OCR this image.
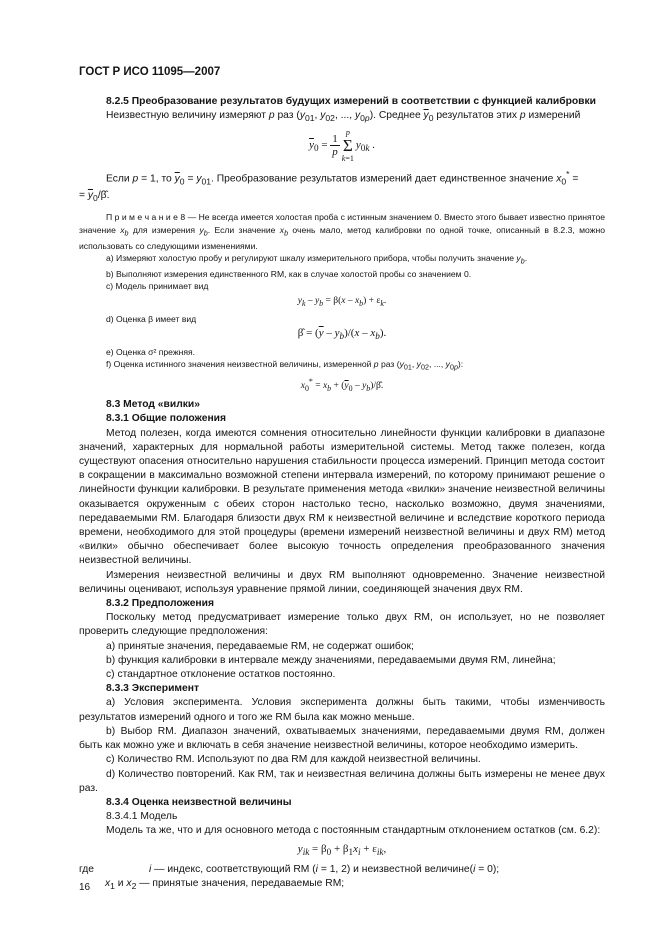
ГОСТ Р ИСО 11095—2007

8.2.5 Преобразование результатов будущих измерений в соответствии с функцией калибровки

Неизвестную величину измеряют p раз ($y_{01}$, $y_{02}$, ..., $y_{0p}$). Среднее $\overline{y}_0$ результатов этих p измерений

$\overline{y}_0 = \frac{1}{p}$
p
Σ
k=1
$y_{0k}$ .

Если p = 1, то $\overline{y}_0 = y_{01}$. Преобразование результатов измерений дает единственное значение $x_0^*$ =

= $\overline{y}_0/\betâ$.

П р и м е ч а н и е 8 — Не всегда имеется холостая проба с истинным значением 0. Вместо этого бывает известно принятое значение $x_b$ для измерения $y_b$. Если значение $x_b$ очень мало, метод калибровки по одной точке, описанный в 8.2.3, можно использовать со следующими изменениями.

a) Измеряют холостую пробу и регулируют шкалу измерительного прибора, чтобы получить значение $y_b$.

b) Выполняют измерения единственного RM, как в случае холостой пробы со значением 0.

c) Модель принимает вид

$y_k - y_b = \beta(x - x_b) + \varepsilon_k$.

d) Оценка β имеет вид

β̂ = $(\overline{y} - y_b)/(x - x_b)$.

e) Оценка σ² прежняя.

f) Оценка истинного значения неизвестной величины, измеренной p раз ($y_{01}$, $y_{02}$, ..., $y_{0p}$):

$x_0^* = x_b + (\overline{y}_0$ – $y_b)/\betâ$.

8.3 Метод «вилки»

8.3.1 Общие положения

Метод полезен, когда имеются сомнения относительно линейности функции калибровки в диапазоне значений, характерных для нормальной работы измерительной системы. Метод также полезен, когда существуют опасения относительно нарушения стабильности процесса измерений. Принцип метода состоит в сокращении в максимально возможной степени интервала измерений, по которому принимают решение о линейности функции калибровки. В результате применения метода «вилки» значение неизвестной величины оказывается окруженным с обеих сторон настолько тесно, насколько возможно, двумя значениями, передаваемыми RM. Благодаря близости двух RM к неизвестной величине и вследствие короткого периода времени, необходимого для этой процедуры (времени измерений неизвестной величины и двух RM) метод «вилки» обычно обеспечивает более высокую точность определения преобразованного значения неизвестной величины.

Измерения неизвестной величины и двух RM выполняют одновременно. Значение неизвестной величины оценивают, используя уравнение прямой линии, соединяющей значения двух RM.

8.3.2 Предположения

Поскольку метод предусматривает измерение только двух RM, он использует, но не позволяет проверить следующие предположения:

a) принятые значения, передаваемые RM, не содержат ошибок;

b) функция калибровки в интервале между значениями, передаваемыми двумя RM, линейна;

c) стандартное отклонение остатков постоянно.

8.3.3 Эксперимент

a) Условия эксперимента. Условия эксперимента должны быть такими, чтобы изменчивость результатов измерений одного и того же RM была как можно меньше.

b) Выбор RM. Диапазон значений, охватываемых значениями, передаваемыми двумя RM, должен быть как можно уже и включать в себя значение неизвестной величины, которое необходимо измерить.

c) Количество RM. Используют по два RM для каждой неизвестной величины.

d) Количество повторений. Как RM, так и неизвестная величина должны быть измерены не менее двух раз.

8.3.4 Оценка неизвестной величины

8.3.4.1 Модель

Модель та же, что и для основного метода с постоянным стандартным отклонением остатков (см. 6.2):

$y_{ik} = \beta_0 + \beta_1x_i + \varepsilon_{ik}$,
где	i — индекс, соответствующий RM (i = 1, 2) и неизвестной величине(i = 0);

$x_1$ и $x_2$ — принятые значения, передаваемые RM;

16
